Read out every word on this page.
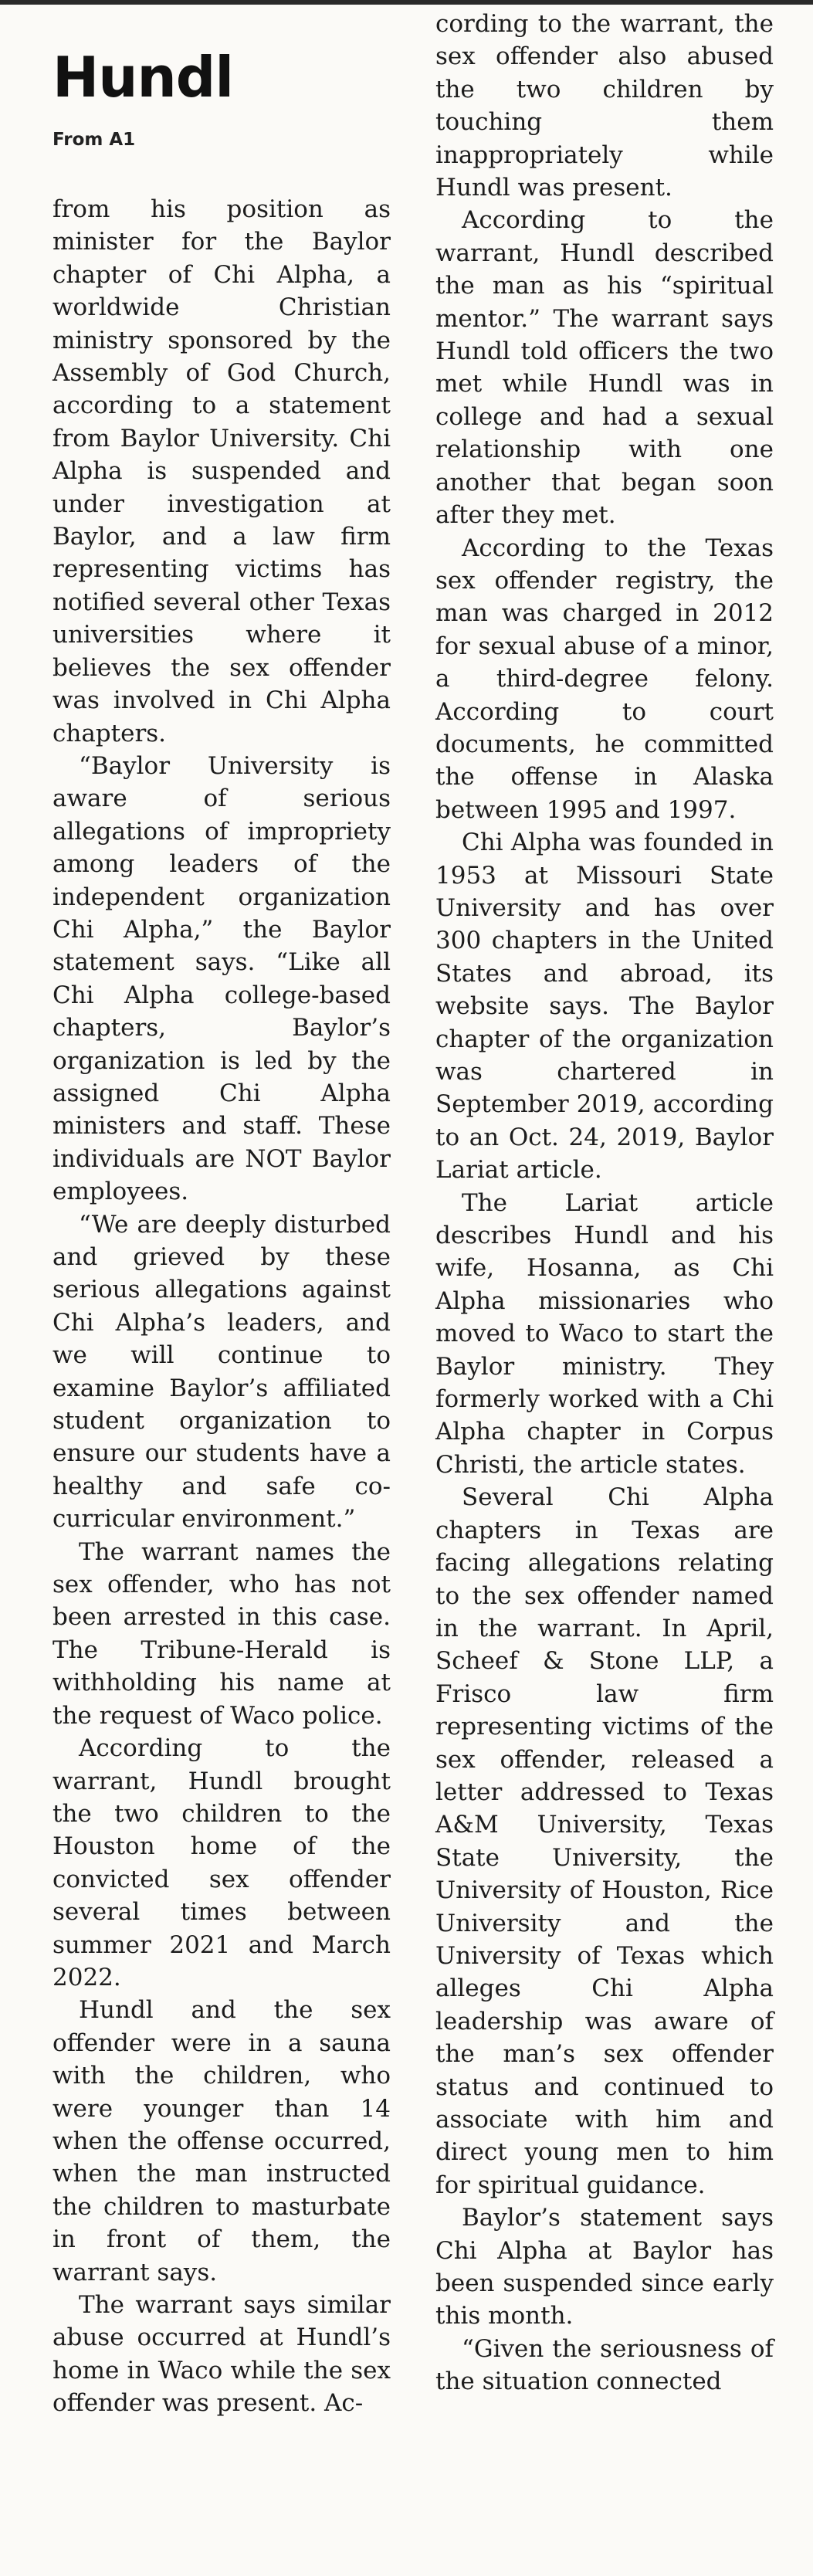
Hundl
From A1

from his position as minister for the Baylor chapter of Chi Alpha, a worldwide Christian ministry sponsored by the Assembly of God Church, according to a statement from Baylor University. Chi Alpha is suspended and under investigation at Baylor, and a law firm representing victims has notified several other Texas universities where it believes the sex offender was involved in Chi Alpha chapters.

“Baylor University is aware of serious allegations of impropriety among leaders of the independent organization Chi Alpha,” the Baylor statement says. “Like all Chi Alpha college-based chapters, Baylor’s organization is led by the assigned Chi Alpha ministers and staff. These individuals are NOT Baylor employees.

“We are deeply disturbed and grieved by these serious allegations against Chi Alpha’s leaders, and we will continue to examine Baylor’s affiliated student organization to ensure our students have a healthy and safe co-curricular environment.”

The warrant names the sex offender, who has not been arrested in this case. The Tribune-Herald is withholding his name at the request of Waco police.

According to the warrant, Hundl brought the two children to the Houston home of the convicted sex offender several times between summer 2021 and March 2022.

Hundl and the sex offender were in a sauna with the children, who were younger than 14 when the offense occurred, when the man instructed the children to masturbate in front of them, the warrant says.

The warrant says similar abuse occurred at Hundl’s home in Waco while the sex offender was present. Ac-

cording to the warrant, the sex offender also abused the two children by touching them inappropriately while Hundl was present.

According to the warrant, Hundl described the man as his “spiritual mentor.” The warrant says Hundl told officers the two met while Hundl was in college and had a sexual relationship with one another that began soon after they met.

According to the Texas sex offender registry, the man was charged in 2012 for sexual abuse of a minor, a third-degree felony. According to court documents, he committed the offense in Alaska between 1995 and 1997.

Chi Alpha was founded in 1953 at Missouri State University and has over 300 chapters in the United States and abroad, its website says. The Baylor chapter of the organization was chartered in September 2019, according to an Oct. 24, 2019, Baylor Lariat article.

The Lariat article describes Hundl and his wife, Hosanna, as Chi Alpha missionaries who moved to Waco to start the Baylor ministry. They formerly worked with a Chi Alpha chapter in Corpus Christi, the article states.

Several Chi Alpha chapters in Texas are facing allegations relating to the sex offender named in the warrant. In April, Scheef & Stone LLP, a Frisco law firm representing victims of the sex offender, released a letter addressed to Texas A&M University, Texas State University, the University of Houston, Rice University and the University of Texas which alleges Chi Alpha leadership was aware of the man’s sex offender status and continued to associate with him and direct young men to him for spiritual guidance.

Baylor’s statement says Chi Alpha at Baylor has been suspended since early this month.

“Given the seriousness of the situation connected
